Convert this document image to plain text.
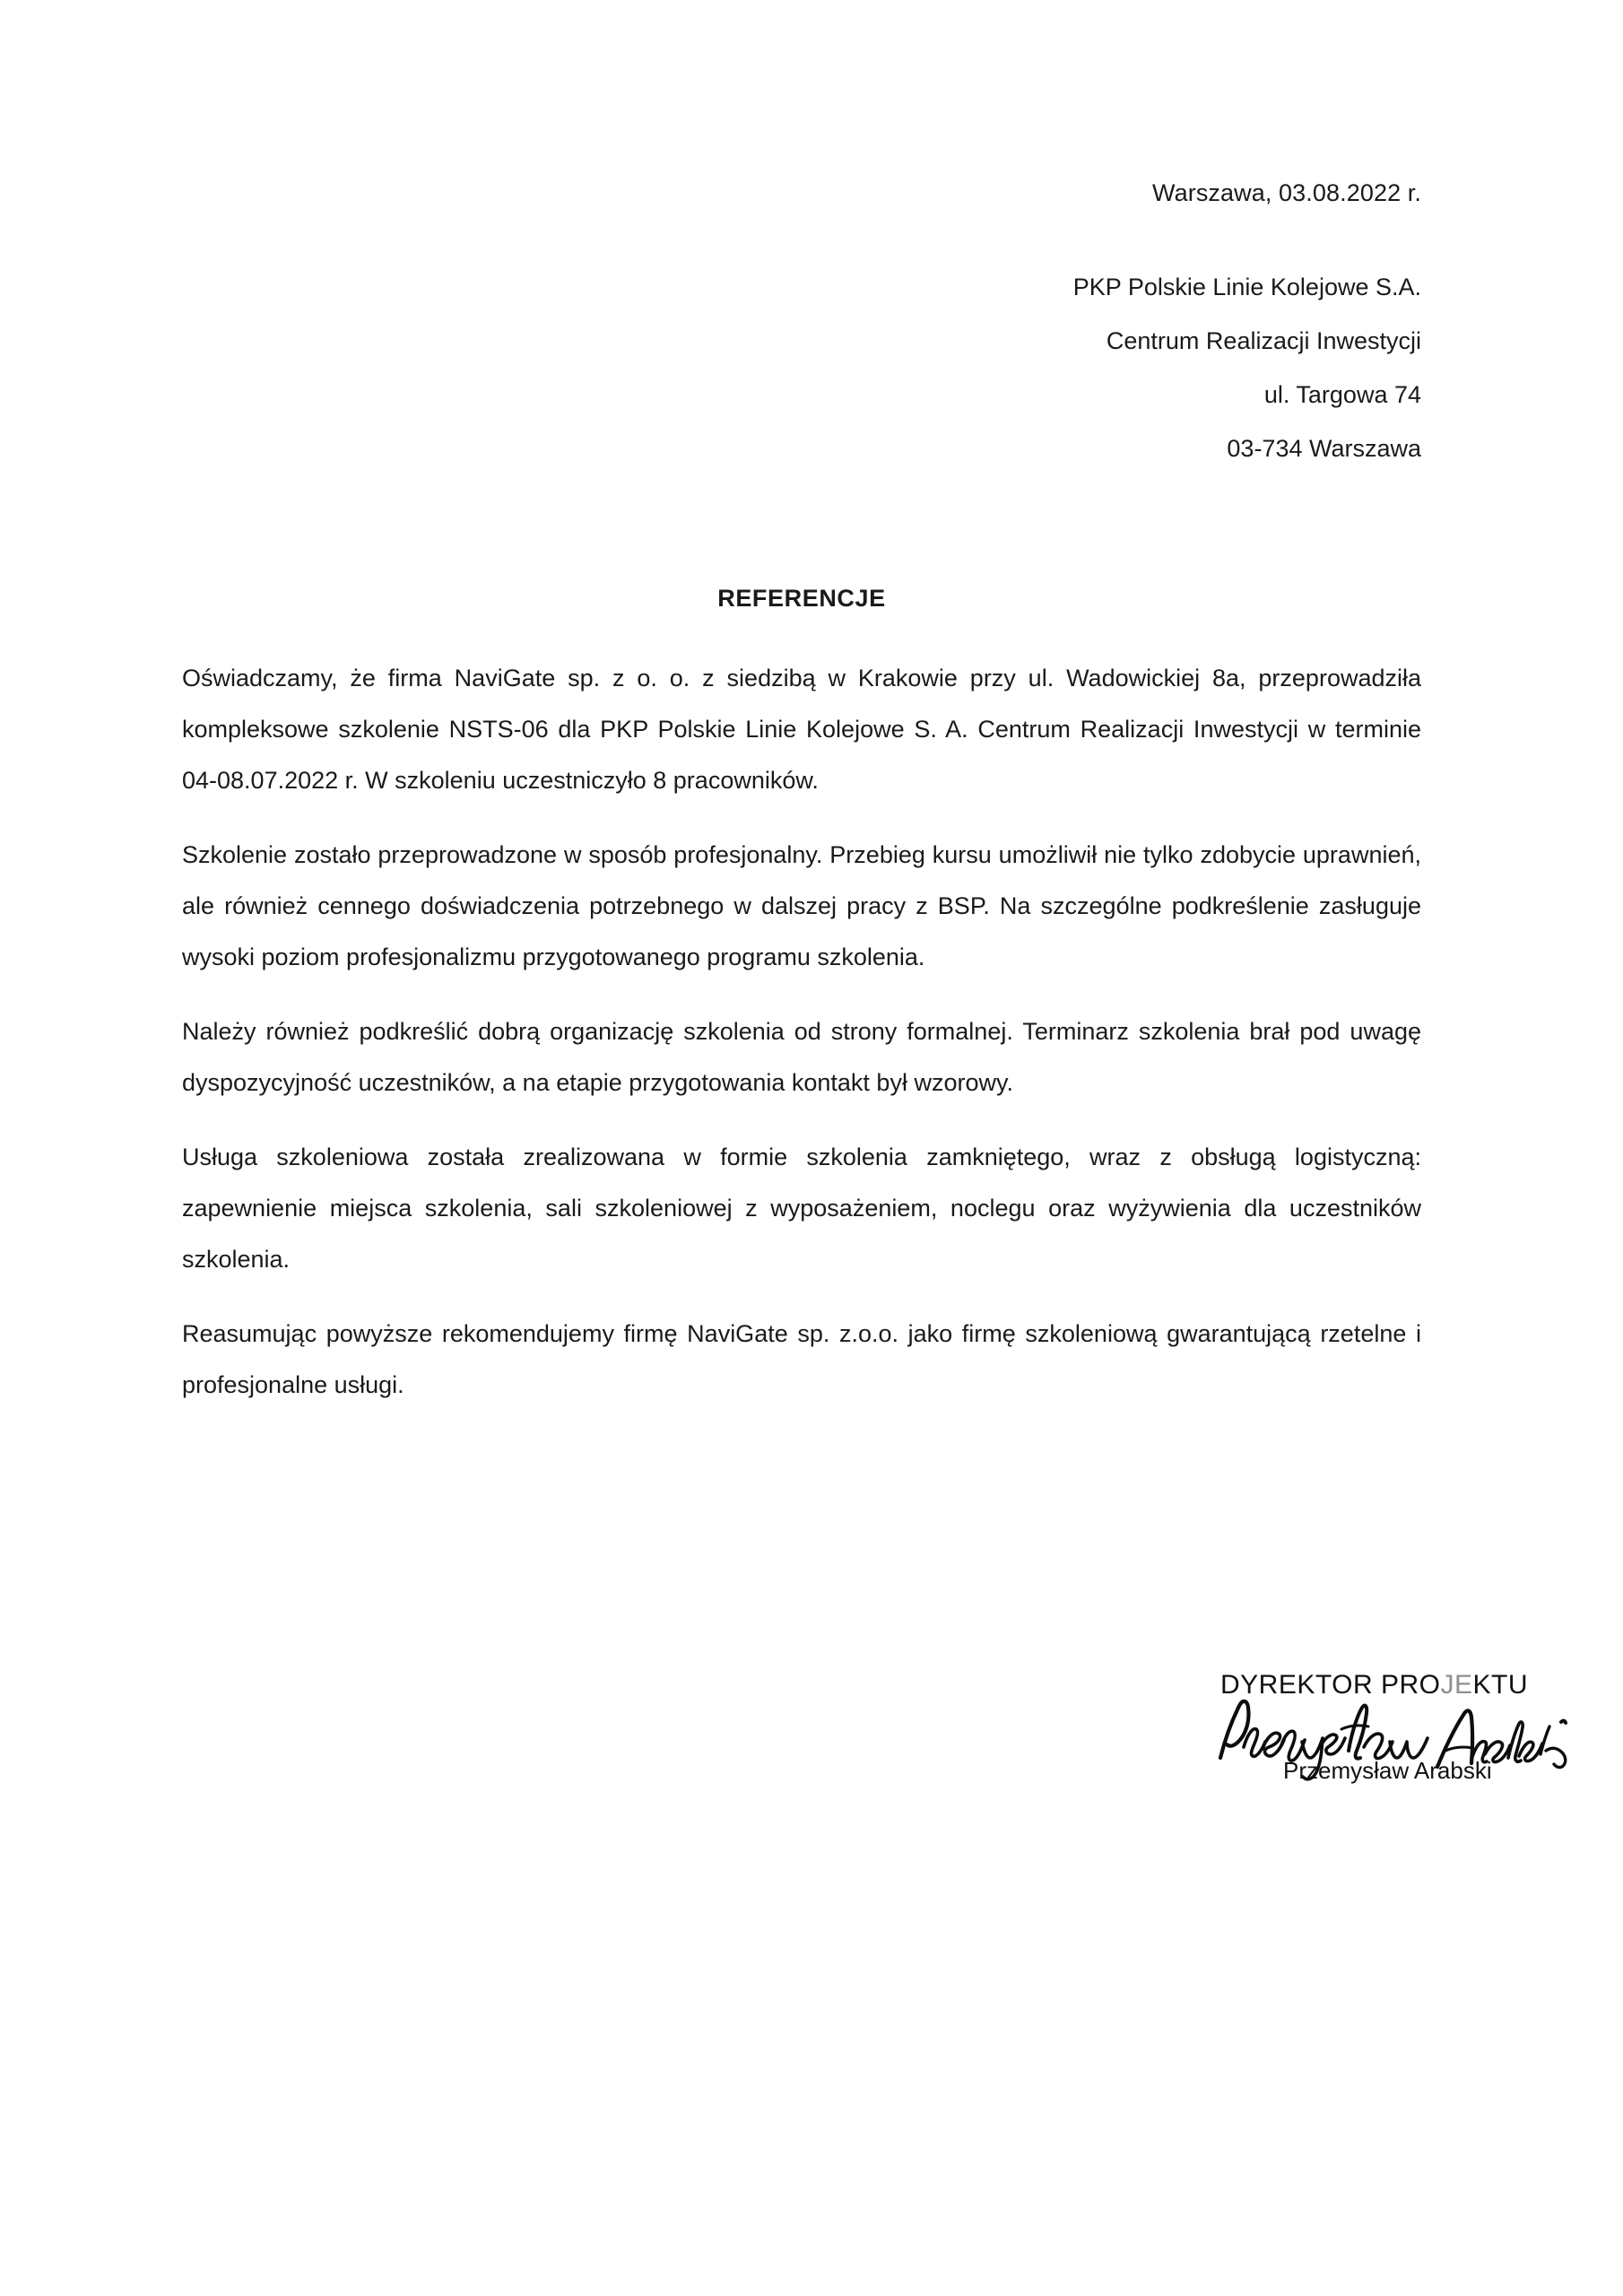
Warszawa, 03.08.2022 r.
PKP Polskie Linie Kolejowe S.A.
Centrum Realizacji Inwestycji
ul. Targowa 74
03-734 Warszawa
REFERENCJE

Oświadczamy, że firma NaviGate sp. z o. o. z siedzibą w Krakowie przy ul. Wadowickiej 8a, przeprowadziła kompleksowe szkolenie NSTS-06 dla PKP Polskie Linie Kolejowe S. A. Centrum Realizacji Inwestycji w terminie 04-08.07.2022 r. W szkoleniu uczestniczyło 8 pracowników.

Szkolenie zostało przeprowadzone w sposób profesjonalny. Przebieg kursu umożliwił nie tylko zdobycie uprawnień, ale również cennego doświadczenia potrzebnego w dalszej pracy z BSP. Na szczególne podkreślenie zasługuje wysoki poziom profesjonalizmu przygotowanego programu szkolenia.

Należy również podkreślić dobrą organizację szkolenia od strony formalnej. Terminarz szkolenia brał pod uwagę dyspozycyjność uczestników, a na etapie przygotowania kontakt był wzorowy.

Usługa szkoleniowa została zrealizowana w formie szkolenia zamkniętego, wraz z obsługą logistyczną: zapewnienie miejsca szkolenia, sali szkoleniowej z wyposażeniem, noclegu oraz wyżywienia dla uczestników szkolenia.

Reasumując powyższe rekomendujemy firmę NaviGate sp. z.o.o. jako firmę szkoleniową gwarantującą rzetelne i profesjonalne usługi.

DYREKTOR PROJEKTU
Przemysław Arabski
